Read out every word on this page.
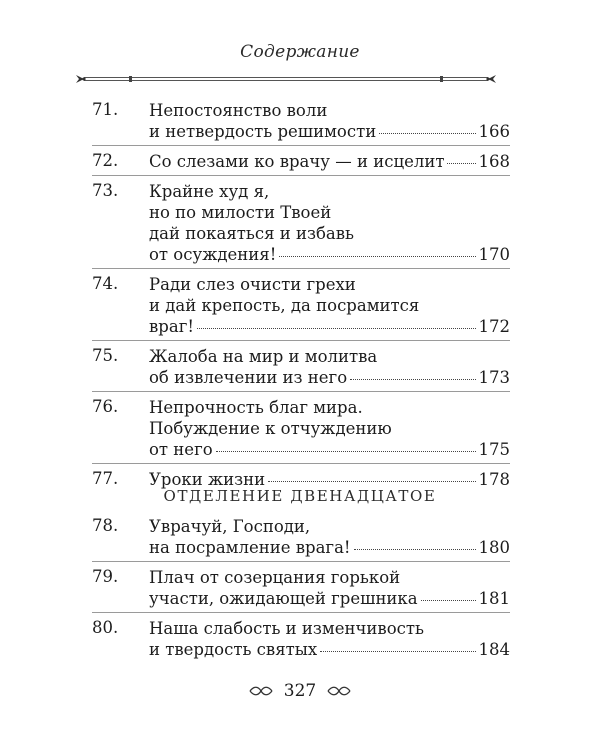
Содержание
71.	Непостоянство воли
и нетвердость решимости	166
72.	Со слезами ко врачу — и исцелит 168
73.	Крайне худ я,
но по милости Твоей
дай покаяться и избавь
от осуждения!	170
74.	Ради слез очисти грехи
и дай крепость, да посрамится
враг!	172
75.	Жалоба на мир и молитва
об извлечении из него	173
76.	Непрочность благ мира.
Побуждение к отчуждению
от него	175
77.	Уроки жизни	178
ОТДЕЛЕНИЕ ДВЕНАДЦАТОЕ
78.	Уврачуй, Господи,
на посрамление врага!	180
79.	Плач от созерцания горькой
участи, ожидающей грешника	181
80.	Наша слабость и изменчивость
и твердость святых	184
327
